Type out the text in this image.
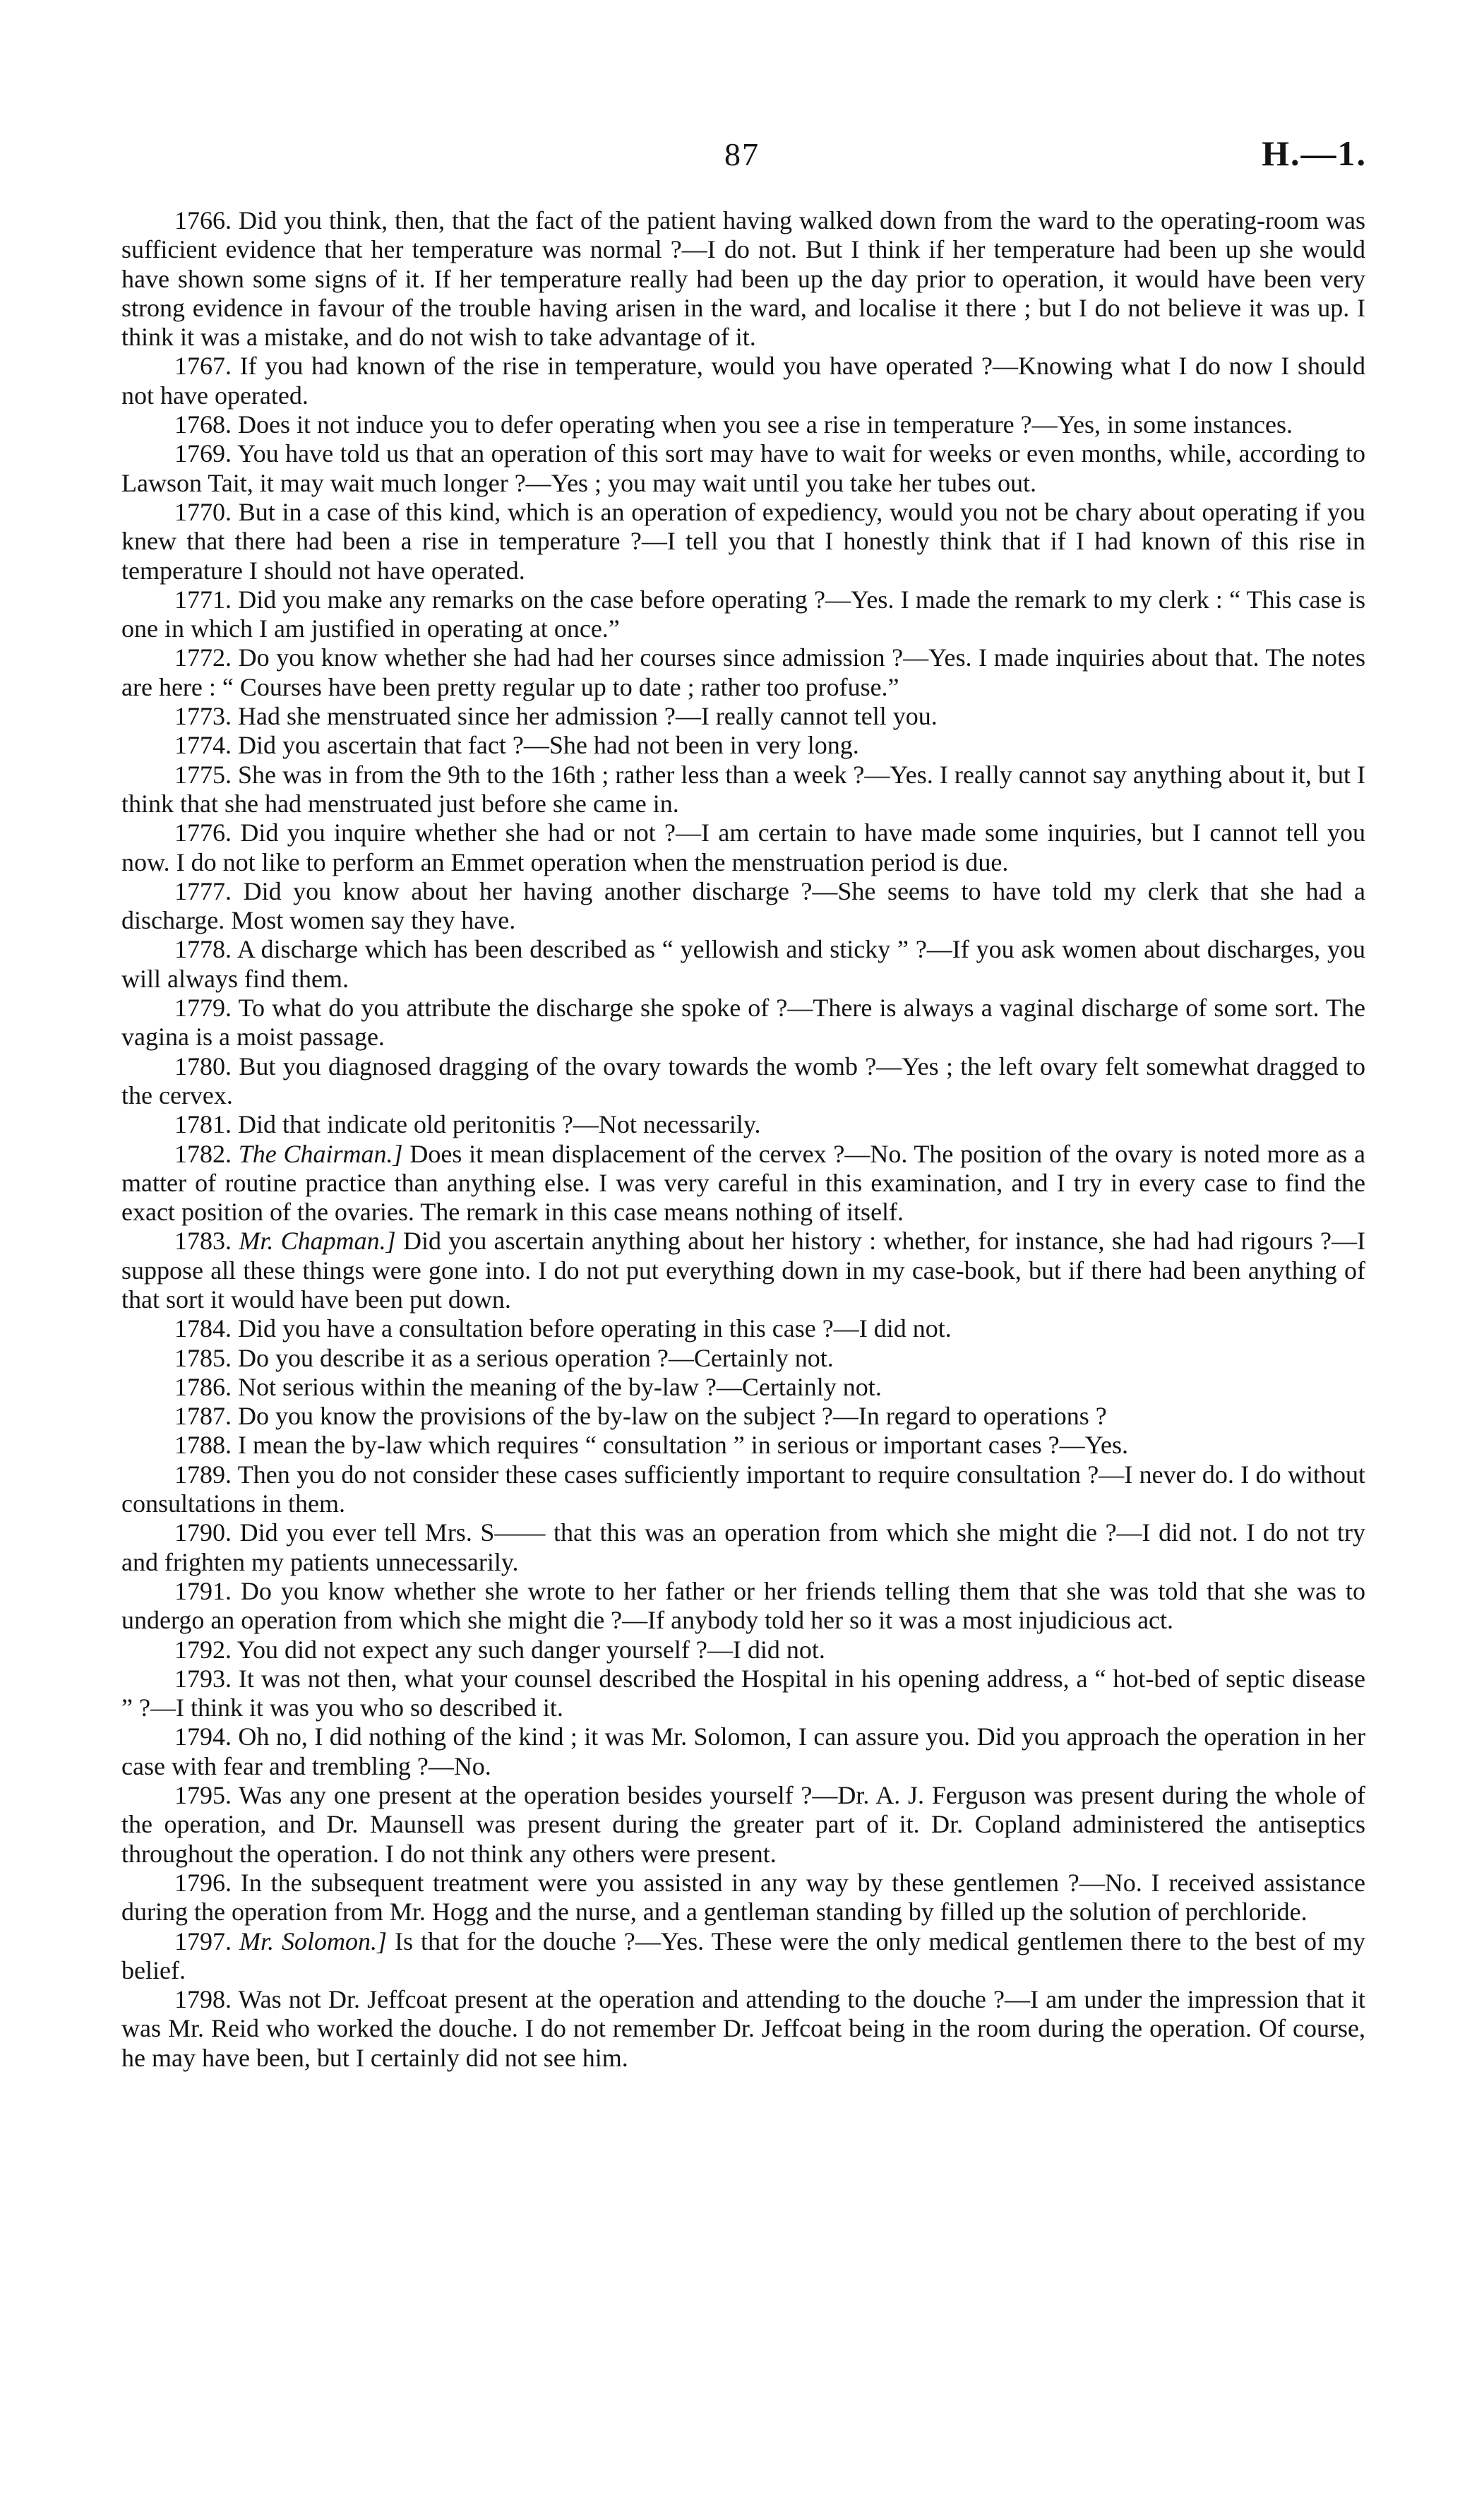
87	H.—1.

1766. Did you think, then, that the fact of the patient having walked down from the ward to the operating-room was sufficient evidence that her temperature was normal ?—I do not. But I think if her temperature had been up she would have shown some signs of it. If her temperature really had been up the day prior to operation, it would have been very strong evidence in favour of the trouble having arisen in the ward, and localise it there ; but I do not believe it was up. I think it was a mistake, and do not wish to take advantage of it.

1767. If you had known of the rise in temperature, would you have operated ?—Knowing what I do now I should not have operated.

1768. Does it not induce you to defer operating when you see a rise in temperature ?—Yes, in some instances.

1769. You have told us that an operation of this sort may have to wait for weeks or even months, while, according to Lawson Tait, it may wait much longer ?—Yes ; you may wait until you take her tubes out.

1770. But in a case of this kind, which is an operation of expediency, would you not be chary about operating if you knew that there had been a rise in temperature ?—I tell you that I honestly think that if I had known of this rise in temperature I should not have operated.

1771. Did you make any remarks on the case before operating ?—Yes. I made the remark to my clerk : “ This case is one in which I am justified in operating at once.”

1772. Do you know whether she had had her courses since admission ?—Yes. I made inquiries about that. The notes are here : “ Courses have been pretty regular up to date ; rather too profuse.”

1773. Had she menstruated since her admission ?—I really cannot tell you.

1774. Did you ascertain that fact ?—She had not been in very long.

1775. She was in from the 9th to the 16th ; rather less than a week ?—Yes. I really cannot say anything about it, but I think that she had menstruated just before she came in.

1776. Did you inquire whether she had or not ?—I am certain to have made some inquiries, but I cannot tell you now. I do not like to perform an Emmet operation when the menstruation period is due.

1777. Did you know about her having another discharge ?—She seems to have told my clerk that she had a discharge. Most women say they have.

1778. A discharge which has been described as “ yellowish and sticky ” ?—If you ask women about discharges, you will always find them.

1779. To what do you attribute the discharge she spoke of ?—There is always a vaginal discharge of some sort. The vagina is a moist passage.

1780. But you diagnosed dragging of the ovary towards the womb ?—Yes ; the left ovary felt somewhat dragged to the cervex.

1781. Did that indicate old peritonitis ?—Not necessarily.

1782. The Chairman.] Does it mean displacement of the cervex ?—No. The position of the ovary is noted more as a matter of routine practice than anything else. I was very careful in this examination, and I try in every case to find the exact position of the ovaries. The remark in this case means nothing of itself.

1783. Mr. Chapman.] Did you ascertain anything about her history : whether, for instance, she had had rigours ?—I suppose all these things were gone into. I do not put everything down in my case-book, but if there had been anything of that sort it would have been put down.

1784. Did you have a consultation before operating in this case ?—I did not.

1785. Do you describe it as a serious operation ?—Certainly not.

1786. Not serious within the meaning of the by-law ?—Certainly not.

1787. Do you know the provisions of the by-law on the subject ?—In regard to operations ?

1788. I mean the by-law which requires “ consultation ” in serious or important cases ?—Yes.

1789. Then you do not consider these cases sufficiently important to require consultation ?—I never do. I do without consultations in them.

1790. Did you ever tell Mrs. S—— that this was an operation from which she might die ?—I did not. I do not try and frighten my patients unnecessarily.

1791. Do you know whether she wrote to her father or her friends telling them that she was told that she was to undergo an operation from which she might die ?—If anybody told her so it was a most injudicious act.

1792. You did not expect any such danger yourself ?—I did not.

1793. It was not then, what your counsel described the Hospital in his opening address, a “ hot-bed of septic disease ” ?—I think it was you who so described it.

1794. Oh no, I did nothing of the kind ; it was Mr. Solomon, I can assure you. Did you approach the operation in her case with fear and trembling ?—No.

1795. Was any one present at the operation besides yourself ?—Dr. A. J. Ferguson was present during the whole of the operation, and Dr. Maunsell was present during the greater part of it. Dr. Copland administered the antiseptics throughout the operation. I do not think any others were present.

1796. In the subsequent treatment were you assisted in any way by these gentlemen ?—No. I received assistance during the operation from Mr. Hogg and the nurse, and a gentleman standing by filled up the solution of perchloride.

1797. Mr. Solomon.] Is that for the douche ?—Yes. These were the only medical gentlemen there to the best of my belief.

1798. Was not Dr. Jeffcoat present at the operation and attending to the douche ?—I am under the impression that it was Mr. Reid who worked the douche. I do not remember Dr. Jeffcoat being in the room during the operation. Of course, he may have been, but I certainly did not see him.
